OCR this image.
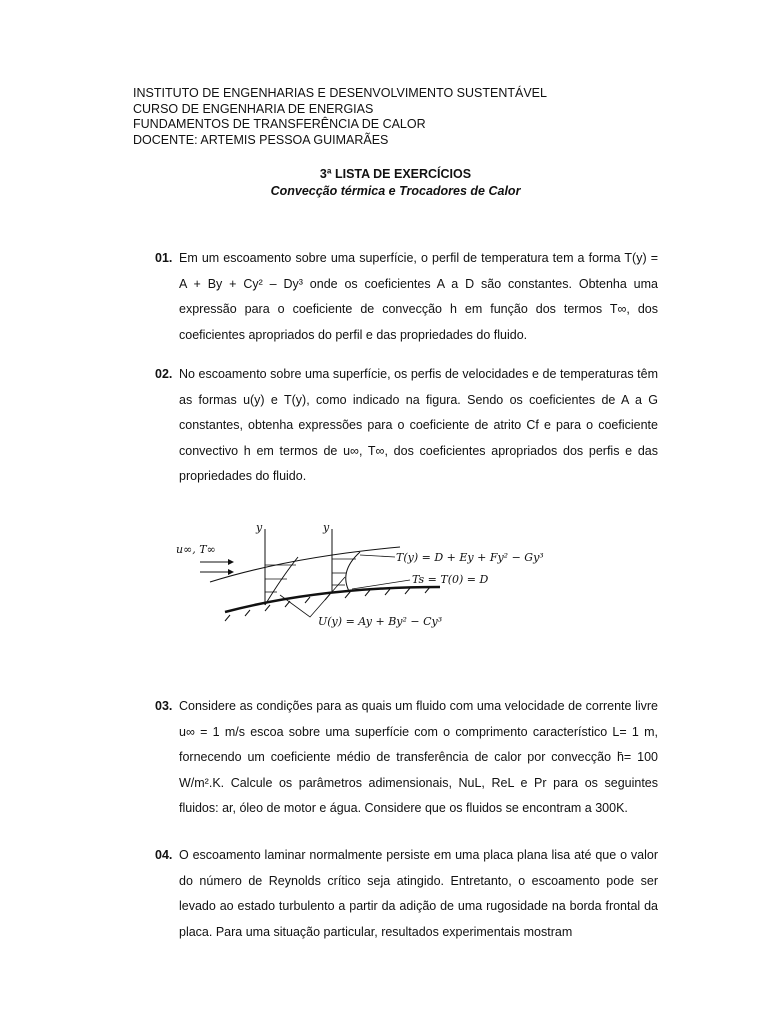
INSTITUTO DE ENGENHARIAS E DESENVOLVIMENTO SUSTENTÁVEL
CURSO DE ENGENHARIA DE ENERGIAS
FUNDAMENTOS DE TRANSFERÊNCIA DE CALOR
DOCENTE: ARTEMIS PESSOA GUIMARÃES
3ª LISTA DE EXERCÍCIOS
Convecção térmica e Trocadores de Calor
01. Em um escoamento sobre uma superfície, o perfil de temperatura tem a forma T(y) = A + By + Cy² – Dy³ onde os coeficientes A a D são constantes. Obtenha uma expressão para o coeficiente de convecção h em função dos termos T∞, dos coeficientes apropriados do perfil e das propriedades do fluido.
02. No escoamento sobre uma superfície, os perfis de velocidades e de temperaturas têm as formas u(y) e T(y), como indicado na figura. Sendo os coeficientes de A a G constantes, obtenha expressões para o coeficiente de atrito Cf e para o coeficiente convectivo h em termos de u∞, T∞, dos coeficientes apropriados dos perfis e das propriedades do fluido.
u∞, T∞
y	y
T(y) = D + Ey + Fy² − Gy³
Ts = T(0) = D
U(y) = Ay + By² − Cy³
03. Considere as condições para as quais um fluido com uma velocidade de corrente livre u∞ = 1 m/s escoa sobre uma superfície com o comprimento característico L= 1 m, fornecendo um coeficiente médio de transferência de calor por convecção h̄= 100 W/m².K. Calcule os parâmetros adimensionais, NuL, ReL e Pr para os seguintes fluidos: ar, óleo de motor e água. Considere que os fluidos se encontram a 300K.
04. O escoamento laminar normalmente persiste em uma placa plana lisa até que o valor do número de Reynolds crítico seja atingido. Entretanto, o escoamento pode ser levado ao estado turbulento a partir da adição de uma rugosidade na borda frontal da placa. Para uma situação particular, resultados experimentais mostram
